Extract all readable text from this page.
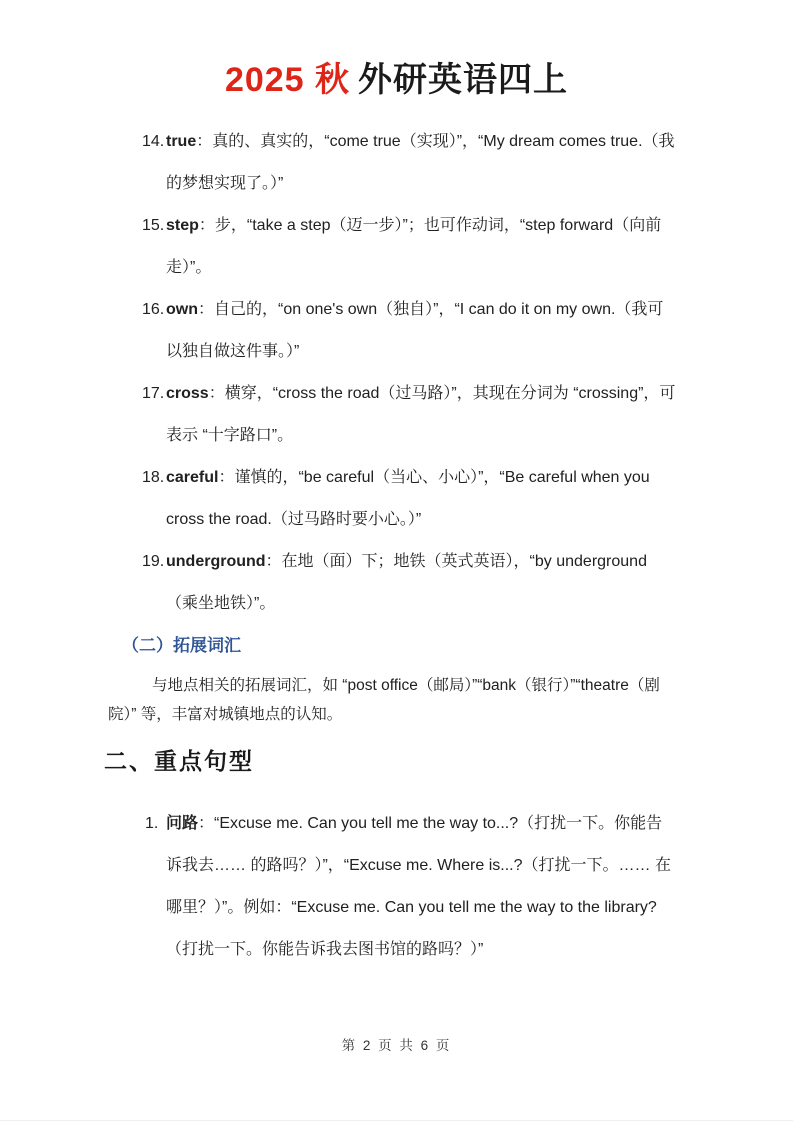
2025 秋 外研英语四上
14. true：真的、真实的，“come true（实现）”，“My dream comes true.（我的梦想实现了。）”
15. step：步，“take a step（迈一步）”；也可作动词，“step forward（向前走）”。
16. own：自己的，“on one's own（独自）”，“I can do it on my own.（我可以独自做这件事。）”
17. cross：横穿，“cross the road（过马路）”，其现在分词为 “crossing”，可表示 “十字路口”。
18. careful：谨慎的，“be careful（当心、小心）”，“Be careful when you cross the road.（过马路时要小心。）”
19. underground：在地（面）下；地铁（英式英语），“by underground（乘坐地铁）”。
（二）拓展词汇
与地点相关的拓展词汇，如 “post office（邮局）”“bank（银行）”“theatre（剧院）” 等，丰富对城镇地点的认知。
二、重点句型
1. 问路：“Excuse me. Can you tell me the way to...?（打扰一下。你能告诉我去…… 的路吗？）”，“Excuse me. Where is...?（打扰一下。…… 在哪里？）”。例如：“Excuse me. Can you tell me the way to the library?（打扰一下。你能告诉我去图书馆的路吗？）”
第 2 页 共 6 页
